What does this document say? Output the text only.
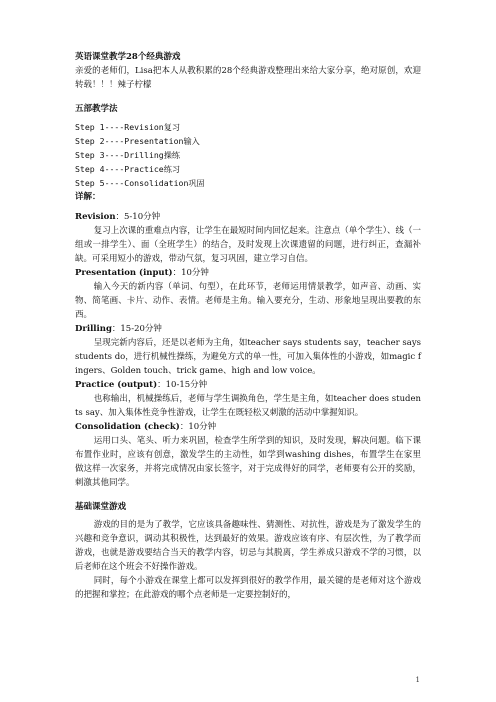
英语课堂教学28个经典游戏
亲爱的老师们，Lisa把本人从教积累的28个经典游戏整理出来给大家分享，绝对原创，欢迎转载！！！辣子柠檬
五部教学法
Step 1----Revision复习
Step 2----Presentation输入
Step 3----Drilling操练
Step 4----Practice练习
Step 5----Consolidation巩固
详解：
Revision：5-10分钟
复习上次课的重难点内容，让学生在最短时间内回忆起来。注意点（单个学生）、线（一组或一排学生）、面（全班学生）的结合，及时发现上次课遗留的问题，进行纠正，查漏补缺。可采用短小的游戏，带动气氛，复习巩固，建立学习自信。
Presentation (input)：10分钟
输入今天的新内容（单词、句型），在此环节，老师运用情景教学，如声音、动画、实物、简笔画、卡片、动作、表情。老师是主角。输入要充分，生动、形象地呈现出要教的东西。
Drilling：15-20分钟
呈现完新内容后，还是以老师为主角，如teacher says students say，teacher says students do，进行机械性操练，为避免方式的单一性，可加入集体性的小游戏，如magic fingers、Golden touch、trick game、high and low voice。
Practice (output)：10-15分钟
也称输出，机械操练后，老师与学生调换角色，学生是主角，如teacher does students say、加入集体性竞争性游戏，让学生在既轻松又刺激的活动中掌握知识。
Consolidation (check)：10分钟
运用口头、笔头、听力来巩固，检查学生所学到的知识，及时发现，解决问题。临下课布置作业时，应该有创意，激发学生的主动性，如学到washing dishes，布置学生在家里做这样一次家务，并将完成情况由家长签字，对于完成得好的同学，老师要有公开的奖励，刺激其他同学。
基础课堂游戏
游戏的目的是为了教学，它应该具备趣味性、猜测性、对抗性，游戏是为了激发学生的兴趣和竞争意识，调动其积极性，达到最好的效果。游戏应该有序、有层次性，为了教学而游戏，也就是游戏要结合当天的教学内容，切忌与其脱离，学生养成只游戏不学的习惯，以后老师在这个班会不好操作游戏。
同时，每个小游戏在课堂上都可以发挥到很好的教学作用，最关键的是老师对这个游戏的把握和掌控；在此游戏的哪个点老师是一定要控制好的，
1
